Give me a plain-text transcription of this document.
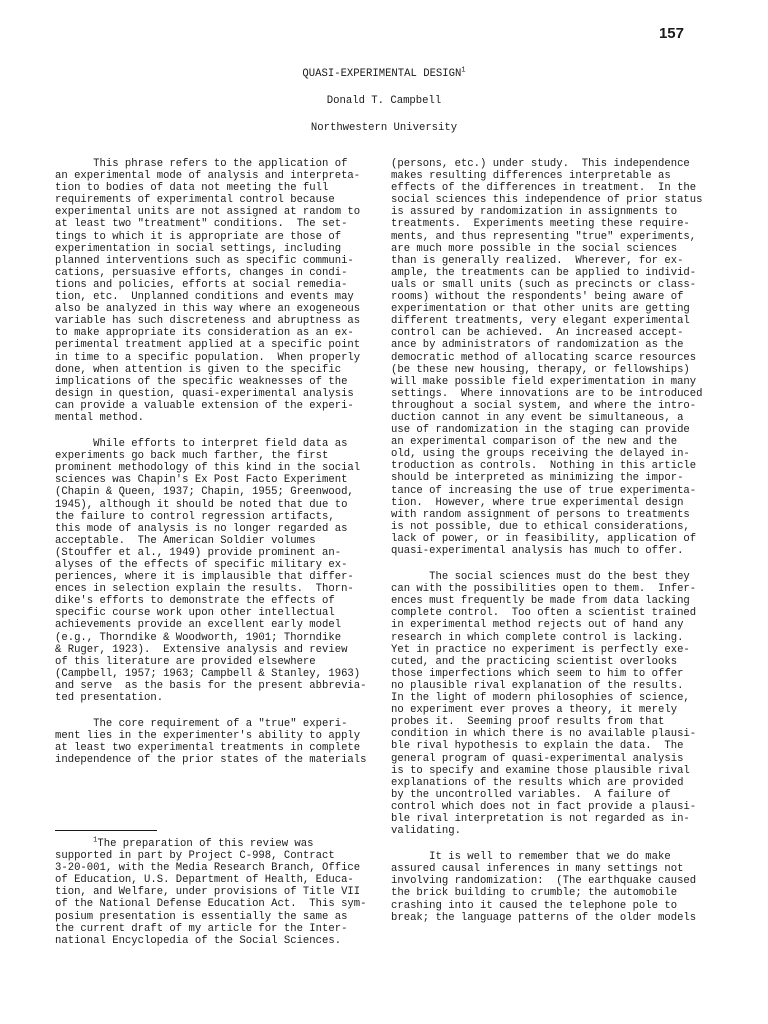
157
QUASI-EXPERIMENTAL DESIGN$^1$
Donald T. Campbell
Northwestern University
This phrase refers to the application of
an experimental mode of analysis and interpreta-
tion to bodies of data not meeting the full
requirements of experimental control because
experimental units are not assigned at random to
at least two "treatment" conditions.  The set-
tings to which it is appropriate are those of
experimentation in social settings, including
planned interventions such as specific communi-
cations, persuasive efforts, changes in condi-
tions and policies, efforts at social remedia-
tion, etc.  Unplanned conditions and events may
also be analyzed in this way where an exogeneous
variable has such discreteness and abruptness as
to make appropriate its consideration as an ex-
perimental treatment applied at a specific point
in time to a specific population.  When properly
done, when attention is given to the specific
implications of the specific weaknesses of the
design in question, quasi-experimental analysis
can provide a valuable extension of the experi-
mental method.
While efforts to interpret field data as
experiments go back much farther, the first
prominent methodology of this kind in the social
sciences was Chapin's Ex Post Facto Experiment
(Chapin & Queen, 1937; Chapin, 1955; Greenwood,
1945), although it should be noted that due to
the failure to control regression artifacts,
this mode of analysis is no longer regarded as
acceptable.  The American Soldier volumes
(Stouffer et al., 1949) provide prominent an-
alyses of the effects of specific military ex-
periences, where it is implausible that differ-
ences in selection explain the results.  Thorn-
dike's efforts to demonstrate the effects of
specific course work upon other intellectual
achievements provide an excellent early model
(e.g., Thorndike & Woodworth, 1901; Thorndike
& Ruger, 1923).  Extensive analysis and review
of this literature are provided elsewhere
(Campbell, 1957; 1963; Campbell & Stanley, 1963)
and serve  as the basis for the present abbrevia-
ted presentation.
The core requirement of a "true" experi-
ment lies in the experimenter's ability to apply
at least two experimental treatments in complete
independence of the prior states of the materials
$^1$The preparation of this review was
supported in part by Project C-998, Contract
3-20-001, with the Media Research Branch, Office
of Education, U.S. Department of Health, Educa-
tion, and Welfare, under provisions of Title VII
of the National Defense Education Act.  This sym-
posium presentation is essentially the same as
the current draft of my article for the Inter-
national Encyclopedia of the Social Sciences.
(persons, etc.) under study.  This independence
makes resulting differences interpretable as
effects of the differences in treatment.  In the
social sciences this independence of prior status
is assured by randomization in assignments to
treatments.  Experiments meeting these require-
ments, and thus representing "true" experiments,
are much more possible in the social sciences
than is generally realized.  Wherever, for ex-
ample, the treatments can be applied to individ-
uals or small units (such as precincts or class-
rooms) without the respondents' being aware of
experimentation or that other units are getting
different treatments, very elegant experimental
control can be achieved.  An increased accept-
ance by administrators of randomization as the
democratic method of allocating scarce resources
(be these new housing, therapy, or fellowships)
will make possible field experimentation in many
settings.  Where innovations are to be introduced
throughout a social system, and where the intro-
duction cannot in any event be simultaneous, a
use of randomization in the staging can provide
an experimental comparison of the new and the
old, using the groups receiving the delayed in-
troduction as controls.  Nothing in this article
should be interpreted as minimizing the impor-
tance of increasing the use of true experimenta-
tion.  However, where true experimental design
with random assignment of persons to treatments
is not possible, due to ethical considerations,
lack of power, or in feasibility, application of
quasi-experimental analysis has much to offer.
The social sciences must do the best they
can with the possibilities open to them.  Infer-
ences must frequently be made from data lacking
complete control.  Too often a scientist trained
in experimental method rejects out of hand any
research in which complete control is lacking.
Yet in practice no experiment is perfectly exe-
cuted, and the practicing scientist overlooks
those imperfections which seem to him to offer
no plausible rival explanation of the results.
In the light of modern philosophies of science,
no experiment ever proves a theory, it merely
probes it.  Seeming proof results from that
condition in which there is no available plausi-
ble rival hypothesis to explain the data.  The
general program of quasi-experimental analysis
is to specify and examine those plausible rival
explanations of the results which are provided
by the uncontrolled variables.  A failure of
control which does not in fact provide a plausi-
ble rival interpretation is not regarded as in-
validating.
It is well to remember that we do make
assured causal inferences in many settings not
involving randomization:  (The earthquake caused
the brick building to crumble; the automobile
crashing into it caused the telephone pole to
break; the language patterns of the older models
